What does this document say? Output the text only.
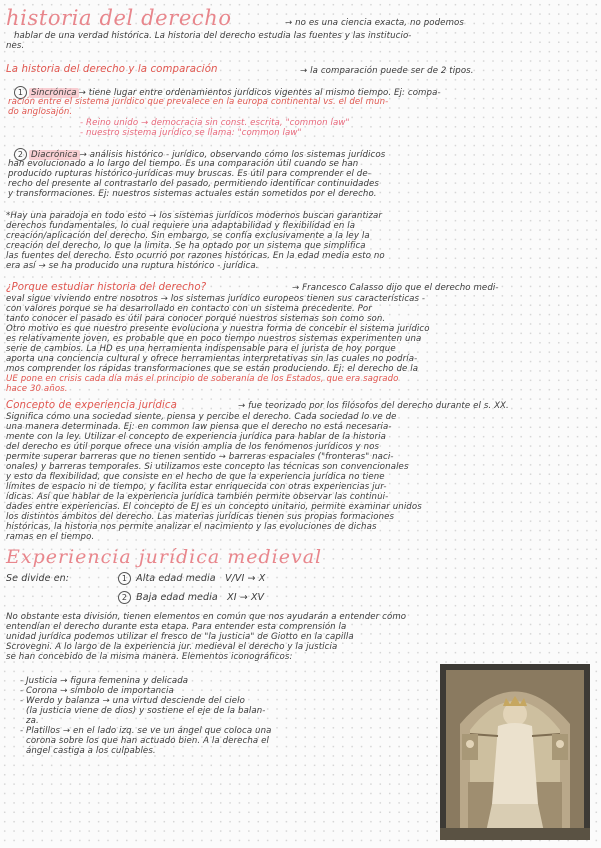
historia del derecho	→ no es una ciencia exacta, no podemos
hablar de una verdad histórica. La historia del derecho estudia las fuentes y las institucio-
nes.
La historia del derecho y la comparación	→ la comparación puede ser de 2 tipos.
1 Sincrónica → tiene lugar entre ordenamientos jurídicos vigentes al mismo tiempo. Ej: compa-
ración entre el sistema jurídico que prevalece en la europa continental vs. el del mun-
do anglosajón.
- Reino unido → democracia sin const. escrita, "common law"
- nuestro sistema jurídico se llama: "common law"
2 Diacrónica → análisis histórico - jurídico, observando cómo los sistemas jurídicos
han evolucionado a lo largo del tiempo. Es una comparación útil cuando se han
producido rupturas histórico-jurídicas muy bruscas. Es útil para comprender el de-
recho del presente al contrastarlo del pasado, permitiendo identificar continuidades
y transformaciones. Ej: nuestros sistemas actuales están sometidos por el derecho.
*Hay una paradoja en todo esto → los sistemas jurídicos modernos buscan garantizar
derechos fundamentales, lo cual requiere una adaptabilidad y flexibilidad en la
creación/aplicación del derecho. Sin embargo, se confía exclusivamente a la ley la
creación del derecho, lo que la limita. Se ha optado por un sistema que simplifica
las fuentes del derecho. Esto ocurrió por razones históricas. En la edad media esto no
era así → se ha producido una ruptura histórico - jurídica.
¿Porque estudiar historia del derecho?	→ Francesco Calasso dijo que el derecho medi-
eval sigue viviendo entre nosotros → los sistemas jurídico europeos tienen sus características -
con valores porque se ha desarrollado en contacto con un sistema precedente. Por
tanto conocer el pasado es útil para conocer porqué nuestros sistemas son como son.
Otro motivo es que nuestro presente evoluciona y nuestra forma de concebir el sistema jurídico
es relativamente joven, es probable que en poco tiempo nuestros sistemas experimenten una
serie de cambios. La HD es una herramienta indispensable para el jurista de hoy porque
aporta una conciencia cultural y ofrece herramientas interpretativas sin las cuales no podría-
mos comprender los rápidas transformaciones que se están produciendo. Ej: el derecho de la
UE pone en crisis cada día más el principio de soberanía de los Estados, que era sagrado
hace 30 años.
Concepto de experiencia jurídica	→ fue teorizado por los filósofos del derecho durante el s. XX.
Significa cómo una sociedad siente, piensa y percibe el derecho. Cada sociedad lo ve de
una manera determinada. Ej: en common law piensa que el derecho no está necesaria-
mente con la ley. Utilizar el concepto de experiencia jurídica para hablar de la historia
del derecho es útil porque ofrece una visión amplia de los fenómenos jurídicos y nos
permite superar barreras que no tienen sentido → barreras espaciales ("fronteras" naci-
onales) y barreras temporales. Si utilizamos este concepto las técnicas son convencionales
y esto da flexibilidad, que consiste en el hecho de que la experiencia jurídica no tiene
límites de espacio ni de tiempo, y facilita estar enriquecida con otras experiencias jur-
ídicas. Así que hablar de la experiencia jurídica también permite observar las continui-
dades entre experiencias. El concepto de EJ es un concepto unitario, permite examinar unidos
los distintos ámbitos del derecho. Las materias jurídicas tienen sus propias formaciones
históricas, la historia nos permite analizar el nacimiento y las evoluciones de dichas
ramas en el tiempo.
Experiencia jurídica medieval
Se divide en:	1 Alta edad media V/VI → X
2 Baja edad media XI → XV
No obstante esta división, tienen elementos en común que nos ayudarán a entender cómo
entendían el derecho durante esta etapa. Para entender esta comprensión la
unidad jurídica podemos utilizar el fresco de "la justicia" de Giotto en la capilla
Scrovegni. A lo largo de la experiencia jur. medieval el derecho y la justicia
se han concebido de la misma manera. Elementos iconográficos:
- Justicia → figura femenina y delicada
- Corona → símbolo de importancia
- Werdo y balanza → una virtud desciende del cielo
(la justicia viene de dios) y sostiene el eje de la balan-
za.
- Platillos → en el lado izq. se ve un ángel que coloca una
corona sobre los que han actuado bien. A la derecha el
ángel castiga a los culpables.
